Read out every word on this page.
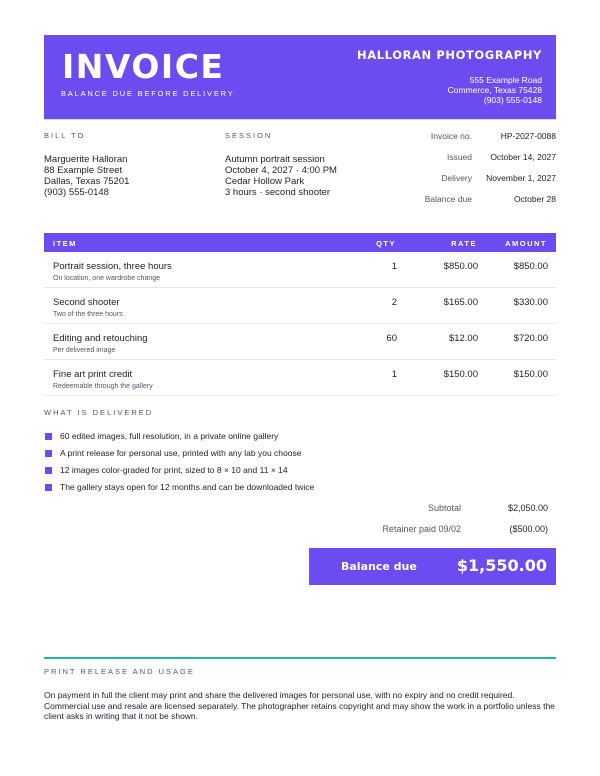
INVOICE
BALANCE DUE BEFORE DELIVERY
HALLORAN PHOTOGRAPHY
555 Example Road
Commerce, Texas 75428
(903) 555-0148
BILL TO
Marguerite Halloran
88 Example Street
Dallas, Texas 75201
(903) 555-0148
SESSION
Autumn portrait session
October 4, 2027 · 4:00 PM
Cedar Hollow Park
3 hours · second shooter
Invoice no.	HP-2027-0088
Issued October 14, 2027
Delivery November 1, 2027
Balance due	October 28
ITEM	QTY	RATE	AMOUNT
Portrait session, three hours
On location, one wardrobe change
1	$850.00	$850.00
Second shooter
Two of the three hours
2	$165.00	$330.00
Editing and retouching
Per delivered image
60	$12.00	$720.00
Fine art print credit
Redeemable through the gallery
1	$150.00	$150.00
WHAT IS DELIVERED
60 edited images, full resolution, in a private online gallery
A print release for personal use, printed with any lab you choose
12 images color-graded for print, sized to 8 × 10 and 11 × 14
The gallery stays open for 12 months and can be downloaded twice
Subtotal	$2,050.00
Retainer paid 09/02	($500.00)
Balance due	$1,550.00
PRINT RELEASE AND USAGE

On payment in full the client may print and share the delivered images for personal use, with no expiry and no credit required. Commercial use and resale are licensed separately. The photographer retains copyright and may show the work in a portfolio unless the client asks in writing that it not be shown.
